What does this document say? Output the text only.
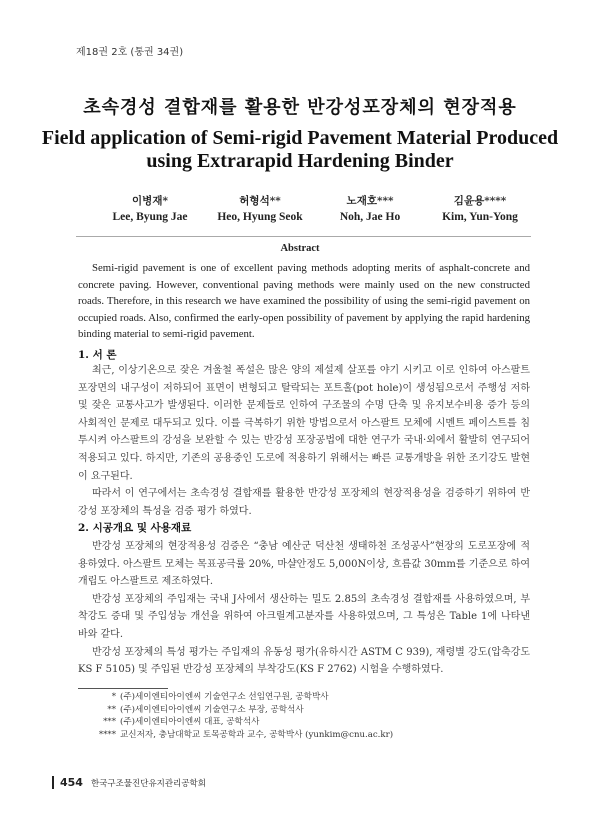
제18권 2호 (통권 34권)
초속경성 결합재를 활용한 반강성포장체의 현장적용
Field application of Semi-rigid Pavement Material Produced
using Extrarapid Hardening Binder
이병재*	허형석**	노재호***	김윤용****
Lee, Byung Jae	Heo, Hyung Seok	Noh, Jae Ho	Kim, Yun-Yong
Abstract
Semi-rigid pavement is one of excellent paving methods adopting merits of asphalt-concrete and concrete paving. However, conventional paving methods were mainly used on the new constructed roads. Therefore, in this research we have examined the possibility of using the semi-rigid pavement on occupied roads. Also, confirmed the early-open possibility of pavement by applying the rapid hardening binding material to semi-rigid pavement.
1. 서 론

최근, 이상기온으로 잦은 겨울철 폭설은 많은 양의 제설제 살포를 야기 시키고 이로 인하여 아스팔트 포장면의 내구성이 저하되어 표면이 변형되고 탈락되는 포트홀(pot hole)이 생성됨으로서 주행성 저하 및 잦은 교통사고가 발생된다. 이러한 문제들로 인하여 구조물의 수명 단축 및 유지보수비용 증가 등의 사회적인 문제로 대두되고 있다. 이를 극복하기 위한 방법으로서 아스팔트 모체에 시멘트 페이스트를 침투시켜 아스팔트의 강성을 보완할 수 있는 반강성 포장공법에 대한 연구가 국내·외에서 활발히 연구되어 적용되고 있다. 하지만, 기존의 공용중인 도로에 적용하기 위해서는 빠른 교통개방을 위한 조기강도 발현이 요구된다.

따라서 이 연구에서는 초속경성 결합재를 활용한 반강성 포장체의 현장적용성을 검증하기 위하여 반강성 포장체의 특성을 검증 평가 하였다.

2. 시공개요 및 사용재료

반강성 포장체의 현장적용성 검증은 “충남 예산군 덕산천 생태하천 조성공사”현장의 도로포장에 적용하였다. 아스팔트 모체는 목표공극률 20%, 마샬안정도 5,000N이상, 흐름값 30mm를 기준으로 하여 개립도 아스팔트로 제조하였다.

반강성 포장체의 주입재는 국내 J사에서 생산하는 밀도 2.85의 초속경성 결합재를 사용하였으며, 부착강도 증대 및 주입성능 개선을 위하여 아크릴계고분자를 사용하였으며, 그 특성은 Table 1에 나타낸 바와 같다.

반강성 포장체의 특성 평가는 주입재의 유동성 평가(유하시간 ASTM C 939), 재령별 강도(압축강도 KS F 5105) 및 주입된 반강성 포장체의 부착강도(KS F 2762) 시험을 수행하였다.

* (주)세이엔티아이엔씨 기술연구소 선임연구원, 공학박사
** (주)세이엔티아이엔씨 기술연구소 부장, 공학석사
*** (주)세이엔티아이엔씨 대표, 공학석사
**** 교신저자, 충남대학교 토목공학과 교수, 공학박사 (yunkim@cnu.ac.kr)
454 한국구조물진단유지관리공학회
